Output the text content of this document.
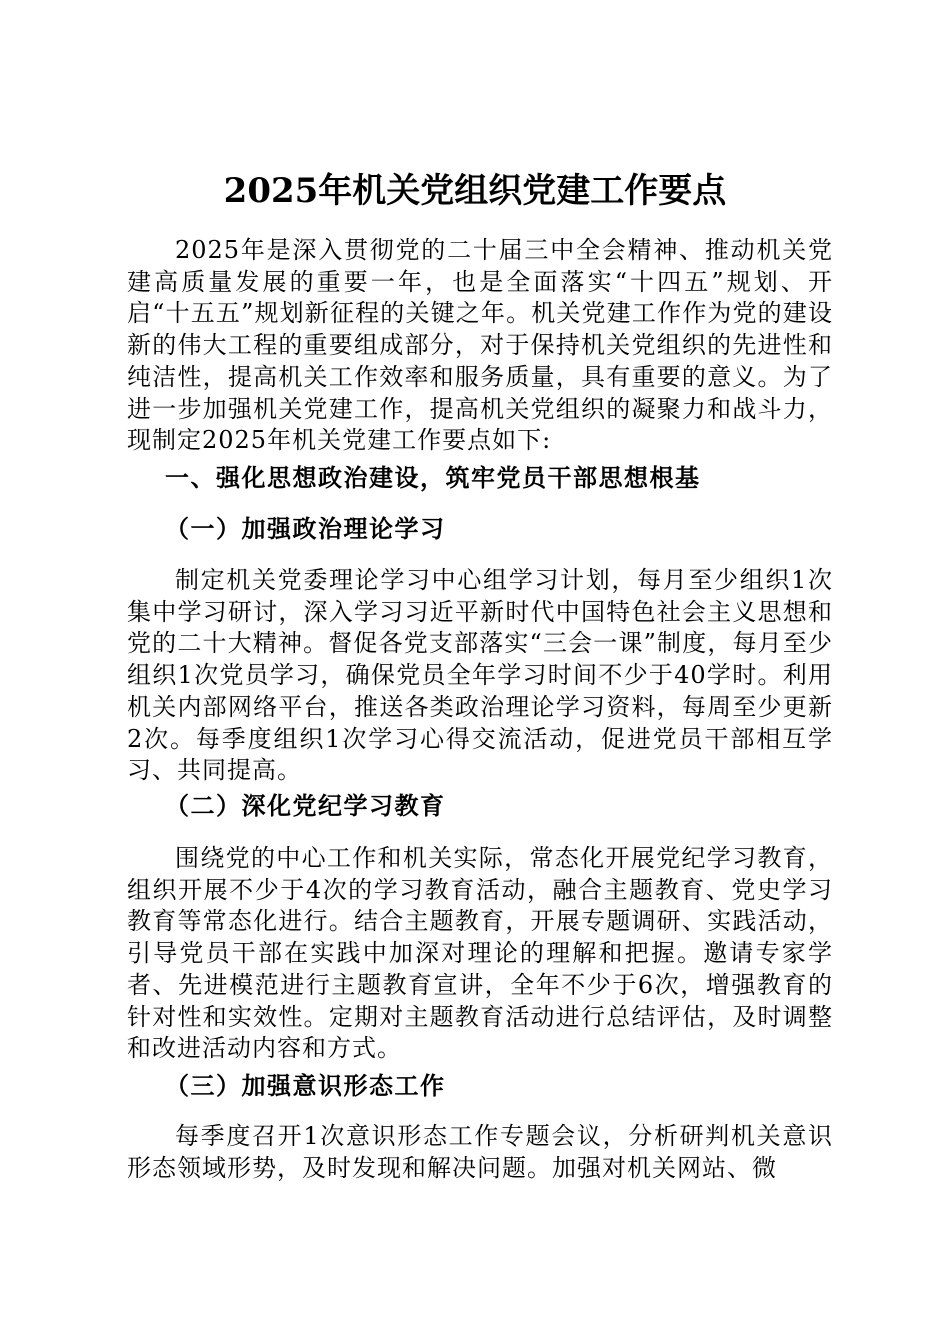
2025年机关党组织党建工作要点
2025年是深入贯彻党的二十届三中全会精神、推动机关党建高质量发展的重要一年，也是全面落实“十四五”规划、开启“十五五”规划新征程的关键之年。机关党建工作作为党的建设新的伟大工程的重要组成部分，对于保持机关党组织的先进性和纯洁性，提高机关工作效率和服务质量，具有重要的意义。为了进一步加强机关党建工作，提高机关党组织的凝聚力和战斗力，现制定2025年机关党建工作要点如下:
一、强化思想政治建设，筑牢党员干部思想根基
（一）加强政治理论学习
制定机关党委理论学习中心组学习计划，每月至少组织1次集中学习研讨，深入学习习近平新时代中国特色社会主义思想和党的二十大精神。督促各党支部落实“三会一课”制度，每月至少组织1次党员学习，确保党员全年学习时间不少于40学时。利用机关内部网络平台，推送各类政治理论学习资料，每周至少更新2次。每季度组织1次学习心得交流活动，促进党员干部相互学习、共同提高。
（二）深化党纪学习教育
围绕党的中心工作和机关实际，常态化开展党纪学习教育，组织开展不少于4次的学习教育活动，融合主题教育、党史学习教育等常态化进行。结合主题教育，开展专题调研、实践活动，引导党员干部在实践中加深对理论的理解和把握。邀请专家学者、先进模范进行主题教育宣讲，全年不少于6次，增强教育的针对性和实效性。定期对主题教育活动进行总结评估，及时调整和改进活动内容和方式。
（三）加强意识形态工作
每季度召开1次意识形态工作专题会议，分析研判机关意识形态领域形势，及时发现和解决问题。加强对机关网站、微
